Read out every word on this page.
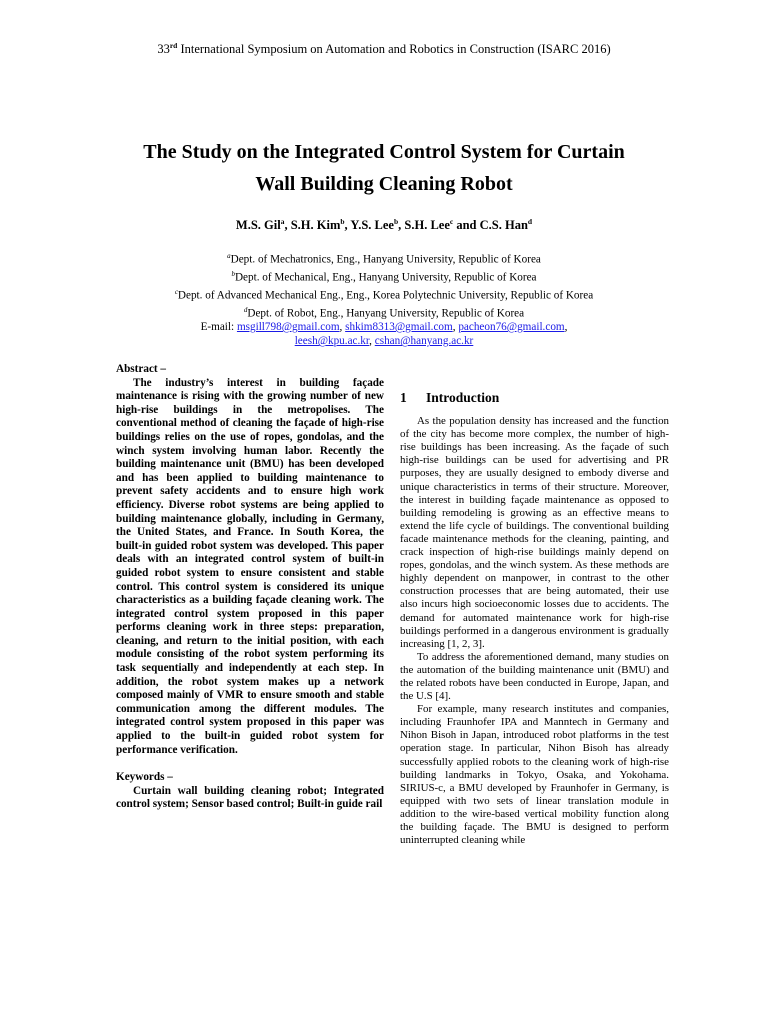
33rd International Symposium on Automation and Robotics in Construction (ISARC 2016)
The Study on the Integrated Control System for Curtain
Wall Building Cleaning Robot
M.S. Gil$^a$, S.H. Kim$^b$, Y.S. Lee$^b$, S.H. Lee$^c$ and C.S. Han$^d$
$^a$Dept. of Mechatronics, Eng., Hanyang University, Republic of Korea
$^b$Dept. of Mechanical, Eng., Hanyang University, Republic of Korea
$^c$Dept. of Advanced Mechanical Eng., Eng., Korea Polytechnic University, Republic of Korea
$^d$Dept. of Robot, Eng., Hanyang University, Republic of Korea
E-mail: msgill798@gmail.com, shkim8313@gmail.com, pacheon76@gmail.com,
leesh@kpu.ac.kr, cshan@hanyang.ac.kr
Abstract –

The industry’s interest in building façade maintenance is rising with the growing number of new high-rise buildings in the metropolises. The conventional method of cleaning the façade of high-rise buildings relies on the use of ropes, gondolas, and the winch system involving human labor. Recently the building maintenance unit (BMU) has been developed and has been applied to building maintenance to prevent safety accidents and to ensure high work efficiency. Diverse robot systems are being applied to building maintenance globally, including in Germany, the United States, and France. In South Korea, the built-in guided robot system was developed. This paper deals with an integrated control system of built-in guided robot system to ensure consistent and stable control. This control system is considered its unique characteristics as a building façade cleaning work. The integrated control system proposed in this paper performs cleaning work in three steps: preparation, cleaning, and return to the initial position, with each module consisting of the robot system performing its task sequentially and independently at each step. In addition, the robot system makes up a network composed mainly of VMR to ensure smooth and stable communication among the different modules. The integrated control system proposed in this paper was applied to the built-in guided robot system for performance verification.

Keywords –

Curtain wall building cleaning robot; Integrated control system; Sensor based control; Built-in guide rail

1 Introduction

As the population density has increased and the function of the city has become more complex, the number of high-rise buildings has been increasing. As the façade of such high-rise buildings can be used for advertising and PR purposes, they are usually designed to embody diverse and unique characteristics in terms of their structure. Moreover, the interest in building façade maintenance as opposed to building remodeling is growing as an effective means to extend the life cycle of buildings. The conventional building facade maintenance methods for the cleaning, painting, and crack inspection of high-rise buildings mainly depend on ropes, gondolas, and the winch system. As these methods are highly dependent on manpower, in contrast to the other construction processes that are being automated, their use also incurs high socioeconomic losses due to accidents. The demand for automated maintenance work for high-rise buildings performed in a dangerous environment is gradually increasing [1, 2, 3].

To address the aforementioned demand, many studies on the automation of the building maintenance unit (BMU) and the related robots have been conducted in Europe, Japan, and the U.S [4].

For example, many research institutes and companies, including Fraunhofer IPA and Manntech in Germany and Nihon Bisoh in Japan, introduced robot platforms in the test operation stage. In particular, Nihon Bisoh has already successfully applied robots to the cleaning work of high-rise building landmarks in Tokyo, Osaka, and Yokohama. SIRIUS-c, a BMU developed by Fraunhofer in Germany, is equipped with two sets of linear translation module in addition to the wire-based vertical mobility function along the building façade. The BMU is designed to perform uninterrupted cleaning while
